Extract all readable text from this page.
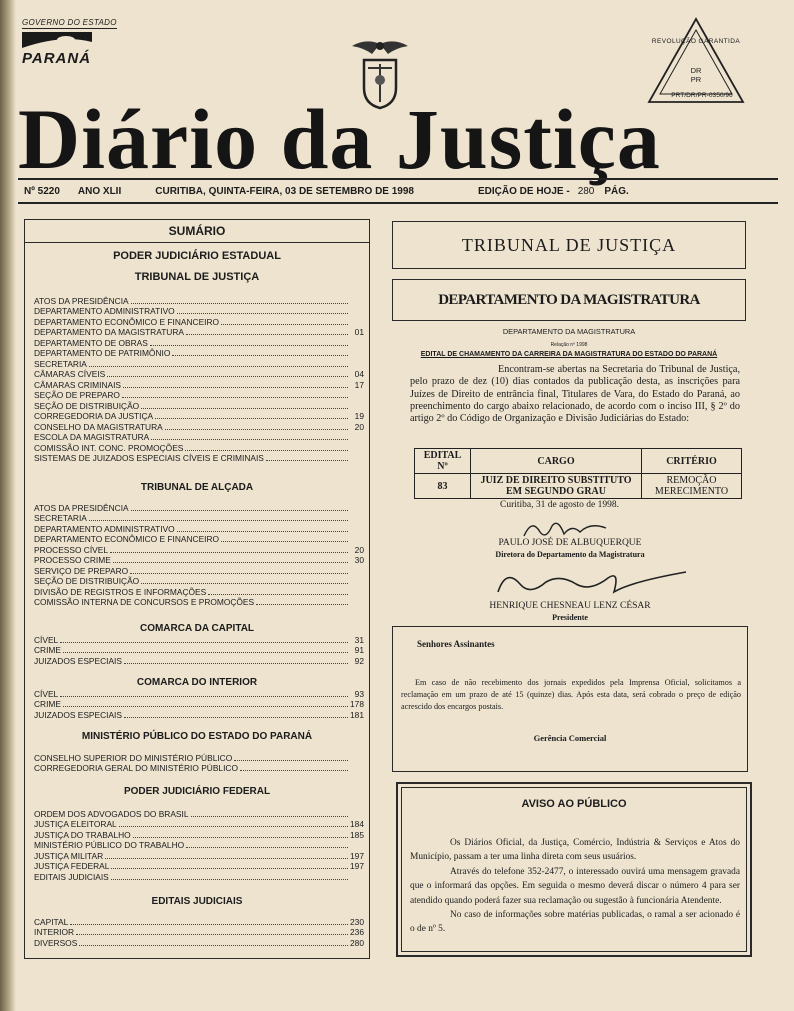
GOVERNO DO ESTADO
PARANÁ
REVOLUÇÃO GARANTIDA
DR PR
PRT/DR/PR-0350/96
Diário da Justiça
Nº 5220 ANO XLII	CURITIBA, QUINTA-FEIRA, 03 DE SETEMBRO DE 1998	EDIÇÃO DE HOJE - 280 PÁG.
SUMÁRIO
PODER JUDICIÁRIO ESTADUAL
TRIBUNAL DE JUSTIÇA
ATOS DA PRESIDÊNCIA
DEPARTAMENTO ADMINISTRATIVO
DEPARTAMENTO ECONÔMICO E FINANCEIRO
DEPARTAMENTO DA MAGISTRATURA	01
DEPARTAMENTO DE OBRAS
DEPARTAMENTO DE PATRIMÔNIO
SECRETARIA
CÂMARAS CÍVEIS	04
CÂMARAS CRIMINAIS	17
SEÇÃO DE PREPARO
SEÇÃO DE DISTRIBUIÇÃO
CORREGEDORIA DA JUSTIÇA	19
CONSELHO DA MAGISTRATURA	20
ESCOLA DA MAGISTRATURA
COMISSÃO INT. CONC. PROMOÇÕES
SISTEMAS DE JUIZADOS ESPECIAIS CÍVEIS E CRIMINAIS
TRIBUNAL DE ALÇADA
ATOS DA PRESIDÊNCIA
SECRETARIA
DEPARTAMENTO ADMINISTRATIVO
DEPARTAMENTO ECONÔMICO E FINANCEIRO
PROCESSO CÍVEL	20
PROCESSO CRIME	30
SERVIÇO DE PREPARO
SEÇÃO DE DISTRIBUIÇÃO
DIVISÃO DE REGISTROS E INFORMAÇÕES
COMISSÃO INTERNA DE CONCURSOS E PROMOÇÕES
COMARCA DA CAPITAL
CÍVEL	31
CRIME	91
JUIZADOS ESPECIAIS	92
COMARCA DO INTERIOR
CÍVEL	93
CRIME	178
JUIZADOS ESPECIAIS	181
MINISTÉRIO PÚBLICO DO ESTADO DO PARANÁ
CONSELHO SUPERIOR DO MINISTÉRIO PÚBLICO
CORREGEDORIA GERAL DO MINISTÉRIO PÚBLICO
PODER JUDICIÁRIO FEDERAL
ORDEM DOS ADVOGADOS DO BRASIL
JUSTIÇA ELEITORAL	184
JUSTIÇA DO TRABALHO	185
MINISTÉRIO PÚBLICO DO TRABALHO
JUSTIÇA MILITAR	197
JUSTIÇA FEDERAL	197
EDITAIS JUDICIAIS
EDITAIS JUDICIAIS
CAPITAL	230
INTERIOR	236
DIVERSOS	280
TRIBUNAL DE JUSTIÇA
DEPARTAMENTO DA MAGISTRATURA
DEPARTAMENTO DA MAGISTRATURA
Relação nº 1998
EDITAL DE CHAMAMENTO DA CARREIRA DA MAGISTRATURA DO ESTADO DO PARANÁ
Encontram-se abertas na Secretaria do Tribunal de Justiça, pelo prazo de dez (10) dias contados da publicação desta, as inscrições para Juízes de Direito de entrância final, Titulares de Vara, do Estado do Paraná, ao preenchimento do cargo abaixo relacionado, de acordo com o inciso III, § 2º do artigo 2º do Código de Organização e Divisão Judiciárias do Estado:
EDITAL Nº	CARGO	CRITÉRIO
83	JUIZ DE DIREITO SUBSTITUTO EM SEGUNDO GRAU	REMOÇÃO MERECIMENTO
Curitiba, 31 de agosto de 1998.
PAULO JOSÉ DE ALBUQUERQUE
Diretora do Departamento da Magistratura
HENRIQUE CHESNEAU LENZ CÉSAR
Presidente
Senhores Assinantes
Em caso de não recebimento dos jornais expedidos pela Imprensa Oficial, solicitamos a reclamação em um prazo de até 15 (quinze) dias. Após esta data, será cobrado o preço de edição acrescido dos encargos postais.
Gerência Comercial
AVISO AO PÚBLICO

Os Diários Oficial, da Justiça, Comércio, Indústria & Serviços e Atos do Município, passam a ter uma linha direta com seus usuários.

Através do telefone 352-2477, o interessado ouvirá uma mensagem gravada que o informará das opções. Em seguida o mesmo deverá discar o número 4 para ser atendido quando poderá fazer sua reclamação ou sugestão à funcionária Atendente.

No caso de informações sobre matérias publicadas, o ramal a ser acionado é o de nº 5.
